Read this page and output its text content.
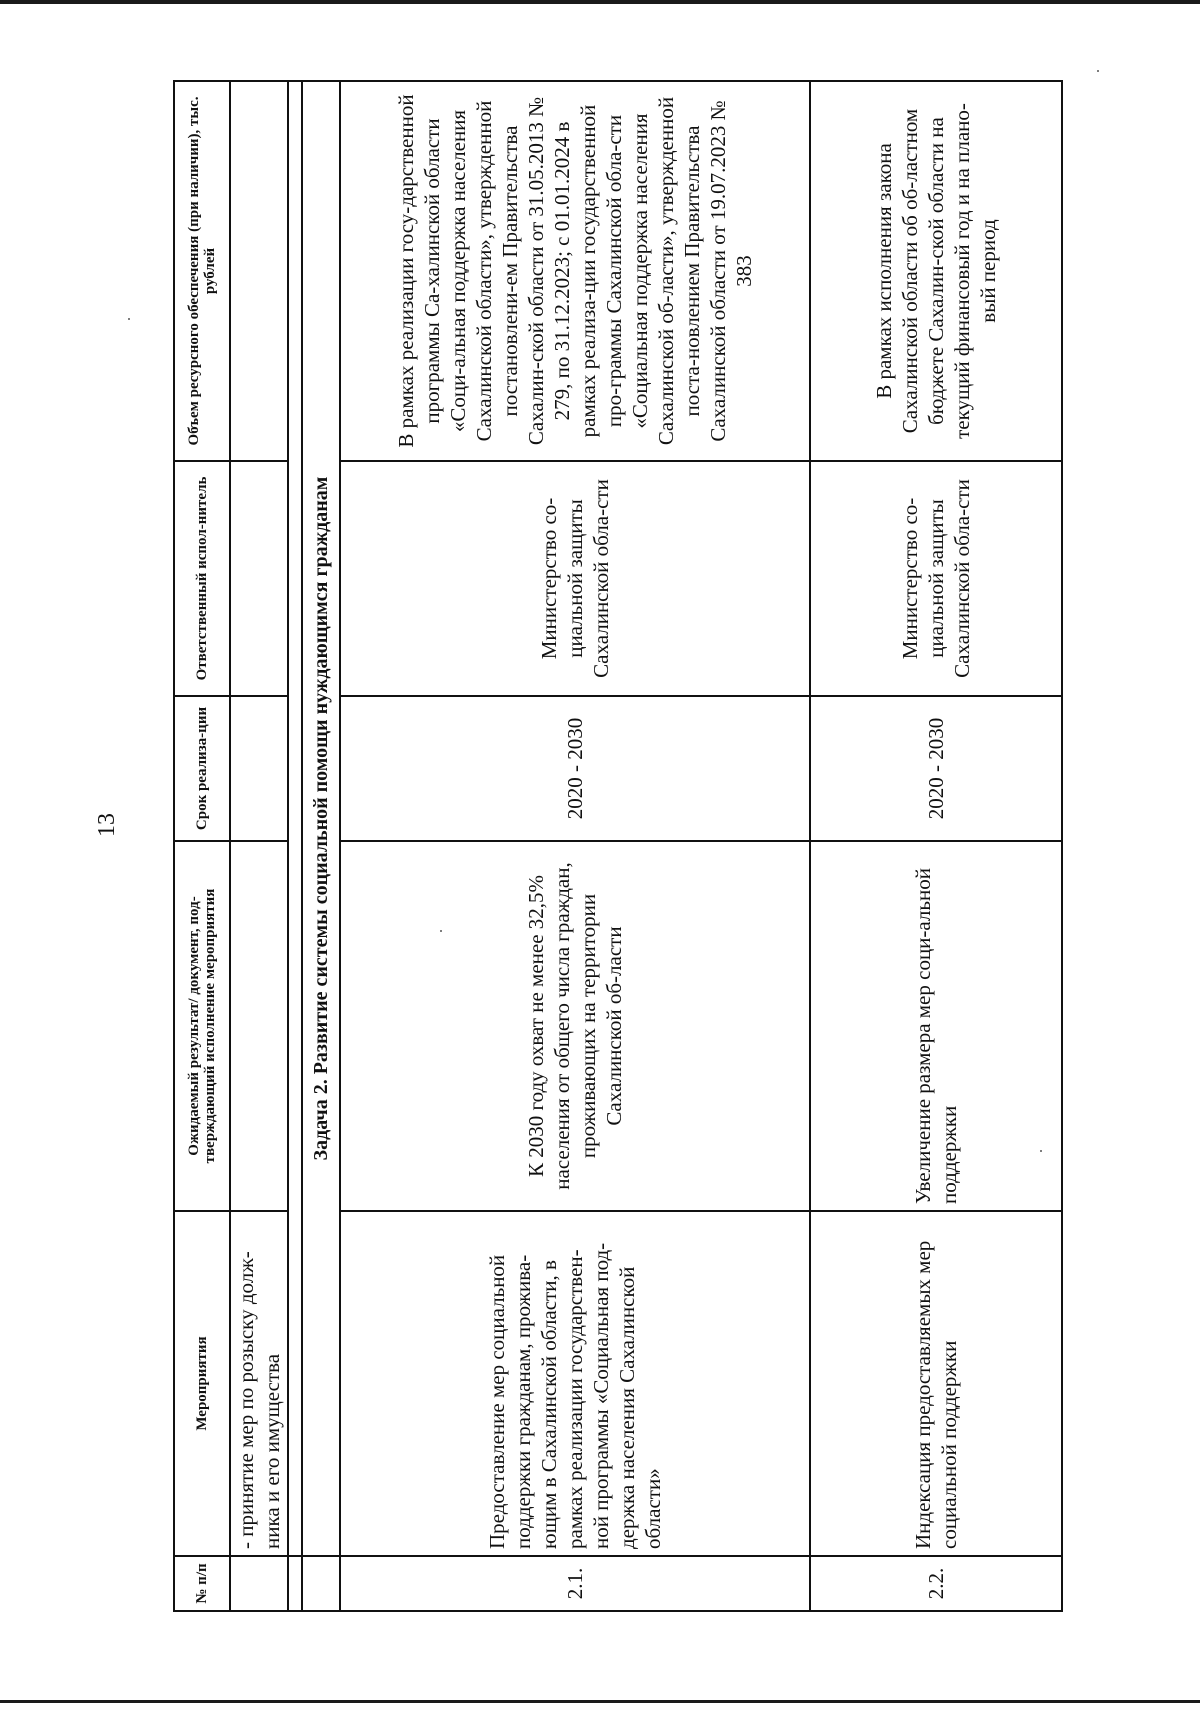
13
№ п/п	Мероприятия	Ожидаемый результат/ документ, под-тверждающий исполнение мероприятия	Срок реализа-ции	Ответственный испол-нитель	Объем ресурсного обеспечения (при наличии), тыс. рублей
	- принятие мер по розыску долж-ника и его имущества				

	Задача 2. Развитие системы социальной помощи нуждающимся гражданам				
2.1.	Предоставление мер социальной поддержки гражданам, прожива-ющим в Сахалинской области, в рамках реализации государствен-ной программы «Социальная под-держка населения Сахалинской области»	К 2030 году охват не менее 32,5% населения от общего числа граждан, проживающих на территории Сахалинской об-ласти	2020 - 2030	Министерство со-циальной защиты Сахалинской обла-сти	В рамках реализации госу-дарственной программы Са-халинской области «Соци-альная поддержка населения Сахалинской области», утвержденной постановлени-ем Правительства Сахалин-ской области от 31.05.2013 № 279, по 31.12.2023; с 01.01.2024 в рамках реализа-ции государственной про-граммы Сахалинской обла-сти «Социальная поддержка населения Сахалинской об-ласти», утвержденной поста-новлением Правительства Сахалинской области от 19.07.2023 № 383
2.2.	Индексация предоставляемых мер социальной поддержки	Увеличение размера мер соци-альной поддержки	2020 - 2030	Министерство со-циальной защиты Сахалинской обла-сти	В рамках исполнения закона Сахалинской области об об-ластном бюджете Сахалин-ской области на текущий финансовый год и на плано-вый период
